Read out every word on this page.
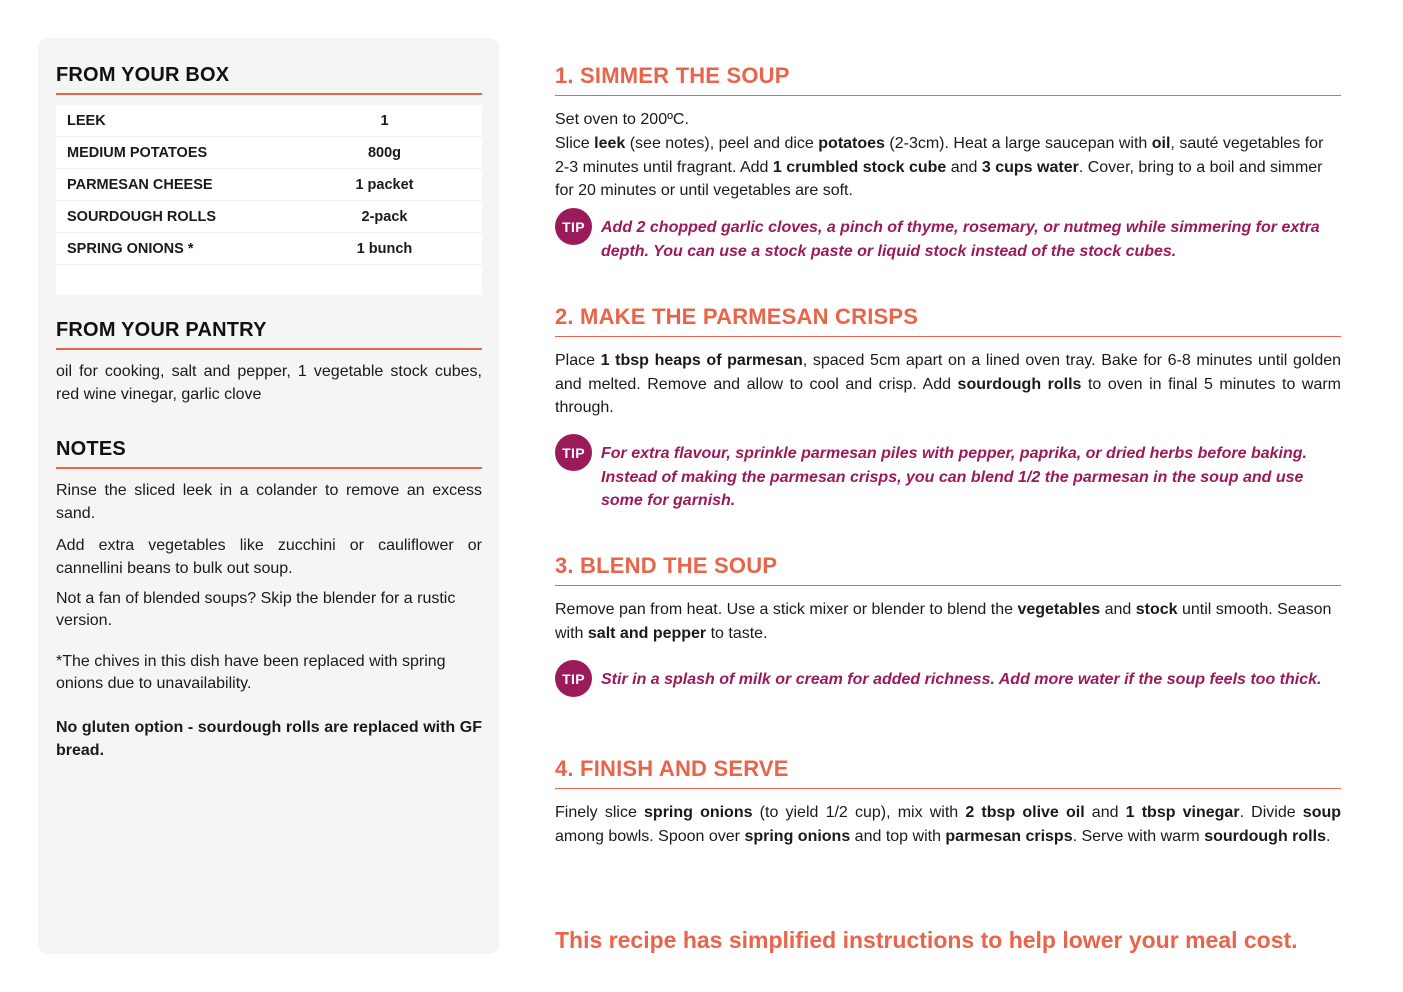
FROM YOUR BOX
LEEK	1
MEDIUM POTATOES	800g
PARMESAN CHEESE	1 packet
SOURDOUGH ROLLS	2-pack
SPRING ONIONS *	1 bunch
FROM YOUR PANTRY

oil for cooking, salt and pepper, 1 vegetable stock cubes, red wine vinegar, garlic clove

NOTES

Rinse the sliced leek in a colander to remove an excess sand.

Add extra vegetables like zucchini or cauliflower or cannellini beans to bulk out soup.

Not a fan of blended soups? Skip the blender for a rustic version.

*The chives in this dish have been replaced with spring onions due to unavailability.

No gluten option - sourdough rolls are replaced with GF bread.

1. SIMMER THE SOUP

Set oven to 200ºC.

Slice leek (see notes), peel and dice potatoes (2-3cm). Heat a large saucepan with oil, sauté vegetables for 2-3 minutes until fragrant. Add 1 crumbled stock cube and 3 cups water. Cover, bring to a boil and simmer for 20 minutes or until vegetables are soft.

TIP	Add 2 chopped garlic cloves, a pinch of thyme, rosemary, or nutmeg while simmering for extra depth. You can use a stock paste or liquid stock instead of the stock cubes.

2. MAKE THE PARMESAN CRISPS

Place 1 tbsp heaps of parmesan, spaced 5cm apart on a lined oven tray. Bake for 6-8 minutes until golden and melted. Remove and allow to cool and crisp. Add sourdough rolls to oven in final 5 minutes to warm through.

TIP	For extra flavour, sprinkle parmesan piles with pepper, paprika, or dried herbs before baking. Instead of making the parmesan crisps, you can blend 1/2 the parmesan in the soup and use some for garnish.

3. BLEND THE SOUP

Remove pan from heat. Use a stick mixer or blender to blend the vegetables and stock until smooth. Season with salt and pepper to taste.

TIP	Stir in a splash of milk or cream for added richness. Add more water if the soup feels too thick.

4. FINISH AND SERVE

Finely slice spring onions (to yield 1/2 cup), mix with 2 tbsp olive oil and 1 tbsp vinegar. Divide soup among bowls. Spoon over spring onions and top with parmesan crisps. Serve with warm sourdough rolls.

This recipe has simplified instructions to help lower your meal cost.
